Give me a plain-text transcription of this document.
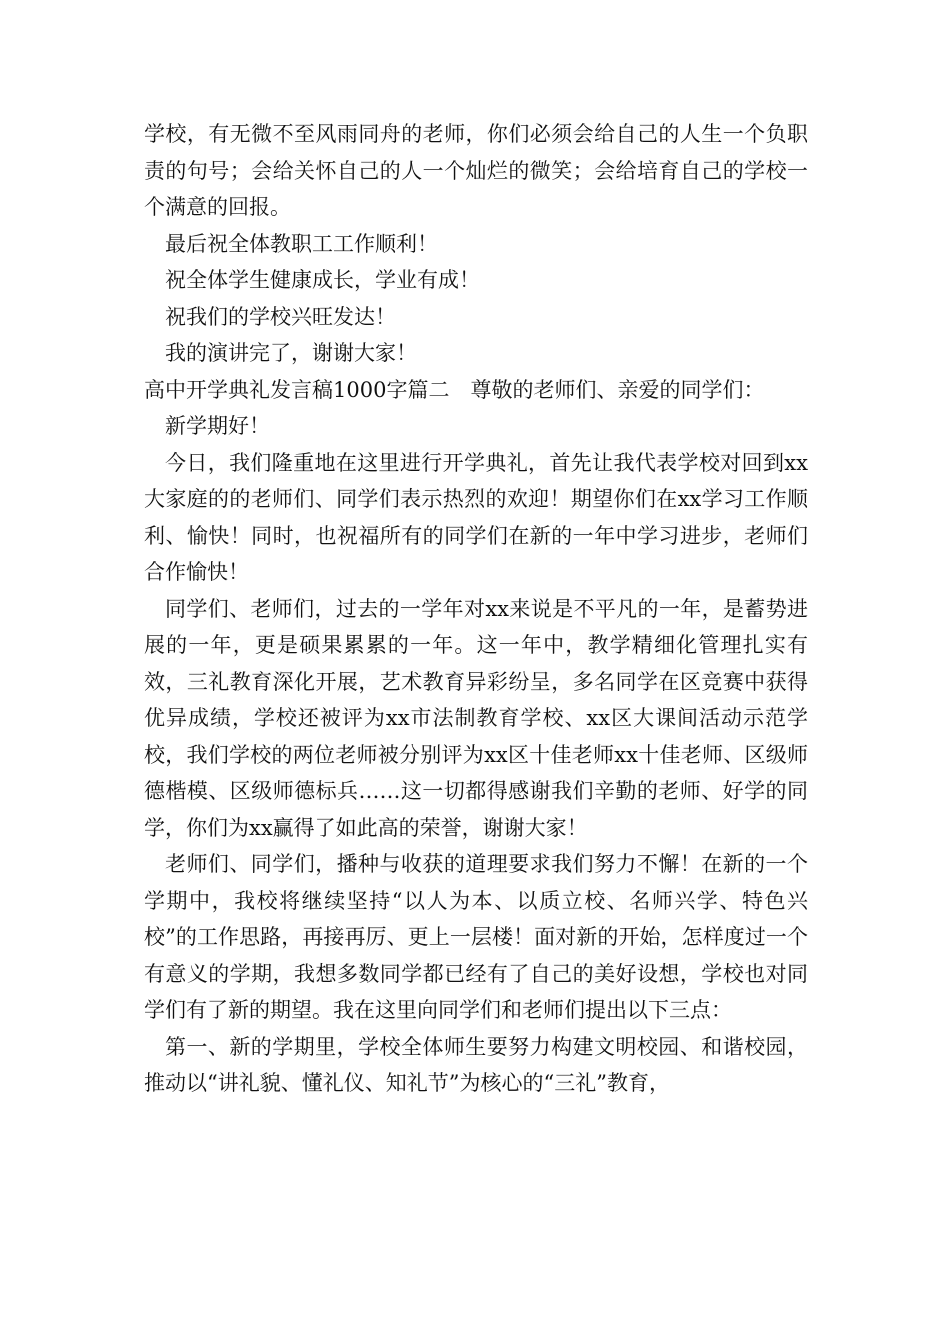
学校，有无微不至风雨同舟的老师，你们必须会给自己的人生一个负职责的句号；会给关怀自己的人一个灿烂的微笑；会给培育自己的学校一个满意的回报。

最后祝全体教职工工作顺利！

祝全体学生健康成长，学业有成！

祝我们的学校兴旺发达！

我的演讲完了，谢谢大家！

高中开学典礼发言稿1000字篇二　尊敬的老师们、亲爱的同学们：

新学期好！

今日，我们隆重地在这里进行开学典礼，首先让我代表学校对回到xx大家庭的的老师们、同学们表示热烈的欢迎！期望你们在xx学习工作顺利、愉快！同时，也祝福所有的同学们在新的一年中学习进步，老师们合作愉快！

同学们、老师们，过去的一学年对xx来说是不平凡的一年，是蓄势进展的一年，更是硕果累累的一年。这一年中，教学精细化管理扎实有效，三礼教育深化开展，艺术教育异彩纷呈，多名同学在区竞赛中获得优异成绩，学校还被评为xx市法制教育学校、xx区大课间活动示范学校，我们学校的两位老师被分别评为xx区十佳老师xx十佳老师、区级师德楷模、区级师德标兵……这一切都得感谢我们辛勤的老师、好学的同学，你们为xx赢得了如此高的荣誉，谢谢大家！

老师们、同学们，播种与收获的道理要求我们努力不懈！在新的一个学期中，我校将继续坚持“以人为本、以质立校、名师兴学、特色兴校”的工作思路，再接再厉、更上一层楼！面对新的开始，怎样度过一个有意义的学期，我想多数同学都已经有了自己的美好设想，学校也对同学们有了新的期望。我在这里向同学们和老师们提出以下三点：

第一、新的学期里，学校全体师生要努力构建文明校园、和谐校园，推动以“讲礼貌、懂礼仪、知礼节”为核心的“三礼”教育，
